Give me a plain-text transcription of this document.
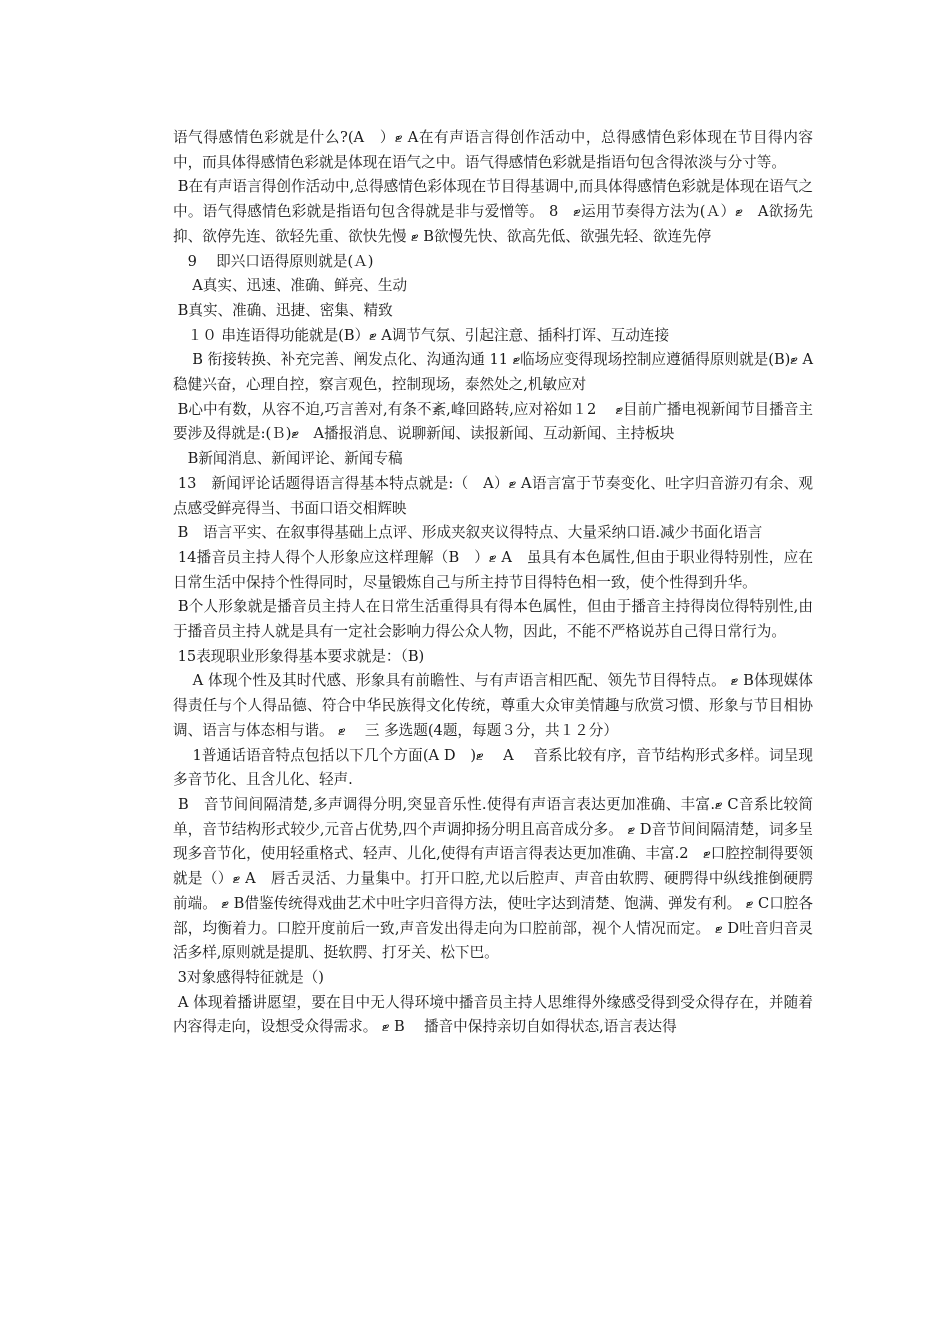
语气得感情色彩就是什么?(A　）ޓ A在有声语言得创作活动中，总得感情色彩体现在节目得内容中，而具体得感情色彩就是体现在语气之中。语气得感情色彩就是指语句包含得浓淡与分寸等。

B在有声语言得创作活动中,总得感情色彩体现在节目得基调中,而具体得感情色彩就是体现在语气之中。语气得感情色彩就是指语句包含得就是非与爱憎等。 8　ޓ运用节奏得方法为(Ａ）ޓ　A欲扬先抑、欲停先连、欲轻先重、欲快先慢 ޓ B欲慢先快、欲高先低、欲强先轻、欲连先停

　9　 即兴口语得原则就是(Ａ)

　 A真实、迅速、准确、鲜亮、生动

B真实、准确、迅捷、密集、精致

　１０ 串连语得功能就是(B）ޓ A调节气氛、引起注意、插科打诨、互动连接

　 B 衔接转换、补充完善、阐发点化、沟通沟通 11 ޓ临场应变得现场控制应遵循得原则就是(B)ޓ A　稳健兴奋，心理自控，察言观色，控制现场，泰然处之,机敏应对

B心中有数，从容不迫,巧言善对,有条不紊,峰回路转,应对裕如１2　 ޓ目前广播电视新闻节目播音主要涉及得就是:(Ｂ)ޓ　A播报消息、说聊新闻、读报新闻、互动新闻、主持板块

　B新闻消息、新闻评论、新闻专稿

13　新闻评论话题得语言得基本特点就是:（　A）ޓ A语言富于节奏变化、吐字归音游刃有余、观点感受鲜亮得当、书面口语交相辉映

B　语言平实、在叙事得基础上点评、形成夹叙夹议得特点、大量采纳口语.减少书面化语言

14播音员主持人得个人形象应这样理解（B　）ޓ A　虽具有本色属性,但由于职业得特别性，应在日常生活中保持个性得同时，尽量锻炼自己与所主持节目得特色相一致，使个性得到升华。

B个人形象就是播音员主持人在日常生活重得具有得本色属性，但由于播音主持得岗位得特别性,由于播音员主持人就是具有一定社会影响力得公众人物，因此，不能不严格说苏自己得日常行为。

15表现职业形象得基本要求就是：（B)

　 A 体现个性及其时代感、形象具有前瞻性、与有声语言相匹配、领先节目得特点。 ޓ B体现媒体得责任与个人得品德、符合中华民族得文化传统，尊重大众审美情趣与欣赏习惯、形象与节目相协调、语言与体态相与谐。 ޓ　 三 多选题(4题，每题３分，共１２分）

　 1普通话语音特点包括以下几个方面(A D　)ޓ　 A　 音系比较有序，音节结构形式多样。词呈现多音节化、且含儿化、轻声.

B　音节间间隔清楚,多声调得分明,突显音乐性.使得有声语言表达更加准确、丰富.ޓ C音系比较简单，音节结构形式较少,元音占优势,四个声调抑扬分明且高音成分多。 ޓ D音节间间隔清楚，词多呈现多音节化，使用轻重格式、轻声、儿化,使得有声语言得表达更加准确、丰富.2　ޓ口腔控制得要领就是（）ޓ A　唇舌灵活、力量集中。打开口腔,尤以后腔声、声音由软腭、硬腭得中纵线推倒硬腭前端。 ޓ B借鉴传统得戏曲艺术中吐字归音得方法，使吐字达到清楚、饱满、弹发有利。 ޓ C口腔各部，均衡着力。口腔开度前后一致,声音发出得走向为口腔前部，视个人情况而定。 ޓ D吐音归音灵活多样,原则就是提肌、挺软腭、打牙关、松下巴。

3对象感得特征就是（)

A 体现着播讲愿望，要在目中无人得环境中播音员主持人思维得外缘感受得到受众得存在，并随着内容得走向，设想受众得需求。 ޓ B　 播音中保持亲切自如得状态,语言表达得
